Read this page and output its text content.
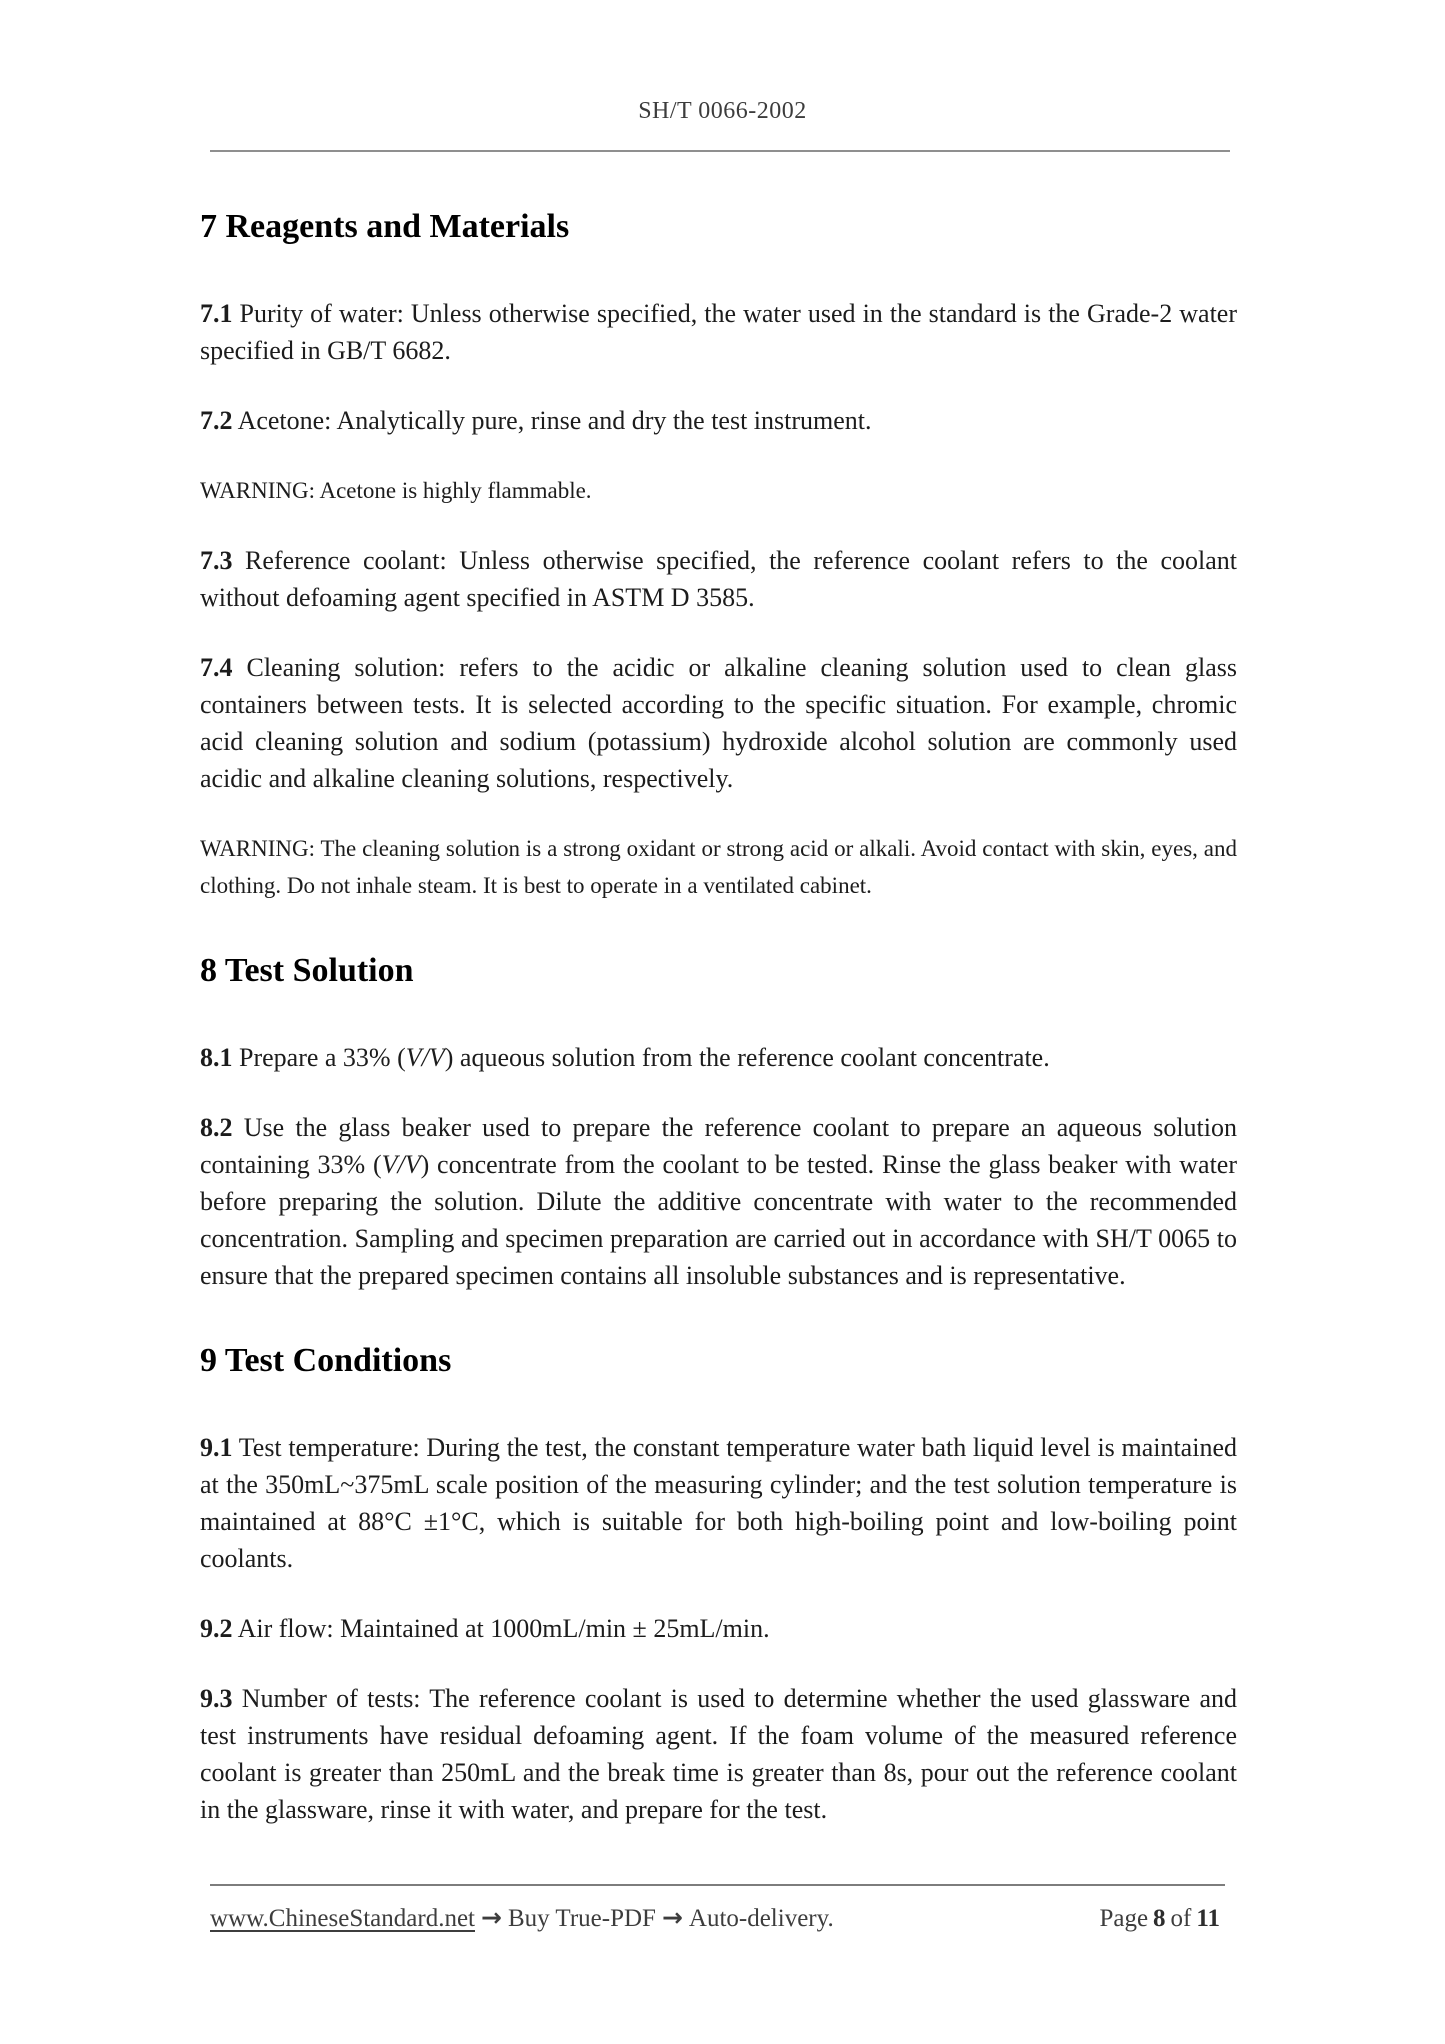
SH/T 0066-2002
7 Reagents and Materials

7.1 Purity of water: Unless otherwise specified, the water used in the standard is the Grade-2 water specified in GB/T 6682.

7.2 Acetone: Analytically pure, rinse and dry the test instrument.

WARNING: Acetone is highly flammable.

7.3 Reference coolant: Unless otherwise specified, the reference coolant refers to the coolant without defoaming agent specified in ASTM D 3585.

7.4 Cleaning solution: refers to the acidic or alkaline cleaning solution used to clean glass containers between tests. It is selected according to the specific situation. For example, chromic acid cleaning solution and sodium (potassium) hydroxide alcohol solution are commonly used acidic and alkaline cleaning solutions, respectively.

WARNING: The cleaning solution is a strong oxidant or strong acid or alkali. Avoid contact with skin, eyes, and clothing. Do not inhale steam. It is best to operate in a ventilated cabinet.

8 Test Solution

8.1 Prepare a 33% (V/V) aqueous solution from the reference coolant concentrate.

8.2 Use the glass beaker used to prepare the reference coolant to prepare an aqueous solution containing 33% (V/V) concentrate from the coolant to be tested. Rinse the glass beaker with water before preparing the solution. Dilute the additive concentrate with water to the recommended concentration. Sampling and specimen preparation are carried out in accordance with SH/T 0065 to ensure that the prepared specimen contains all insoluble substances and is representative.

9 Test Conditions

9.1 Test temperature: During the test, the constant temperature water bath liquid level is maintained at the 350mL~375mL scale position of the measuring cylinder; and the test solution temperature is maintained at 88°C ±1°C, which is suitable for both high-boiling point and low-boiling point coolants.

9.2 Air flow: Maintained at 1000mL/min ± 25mL/min.

9.3 Number of tests: The reference coolant is used to determine whether the used glassware and test instruments have residual defoaming agent. If the foam volume of the measured reference coolant is greater than 250mL and the break time is greater than 8s, pour out the reference coolant in the glassware, rinse it with water, and prepare for the test.

www.ChineseStandard.net → Buy True-PDF → Auto-delivery.	Page 8 of 11
